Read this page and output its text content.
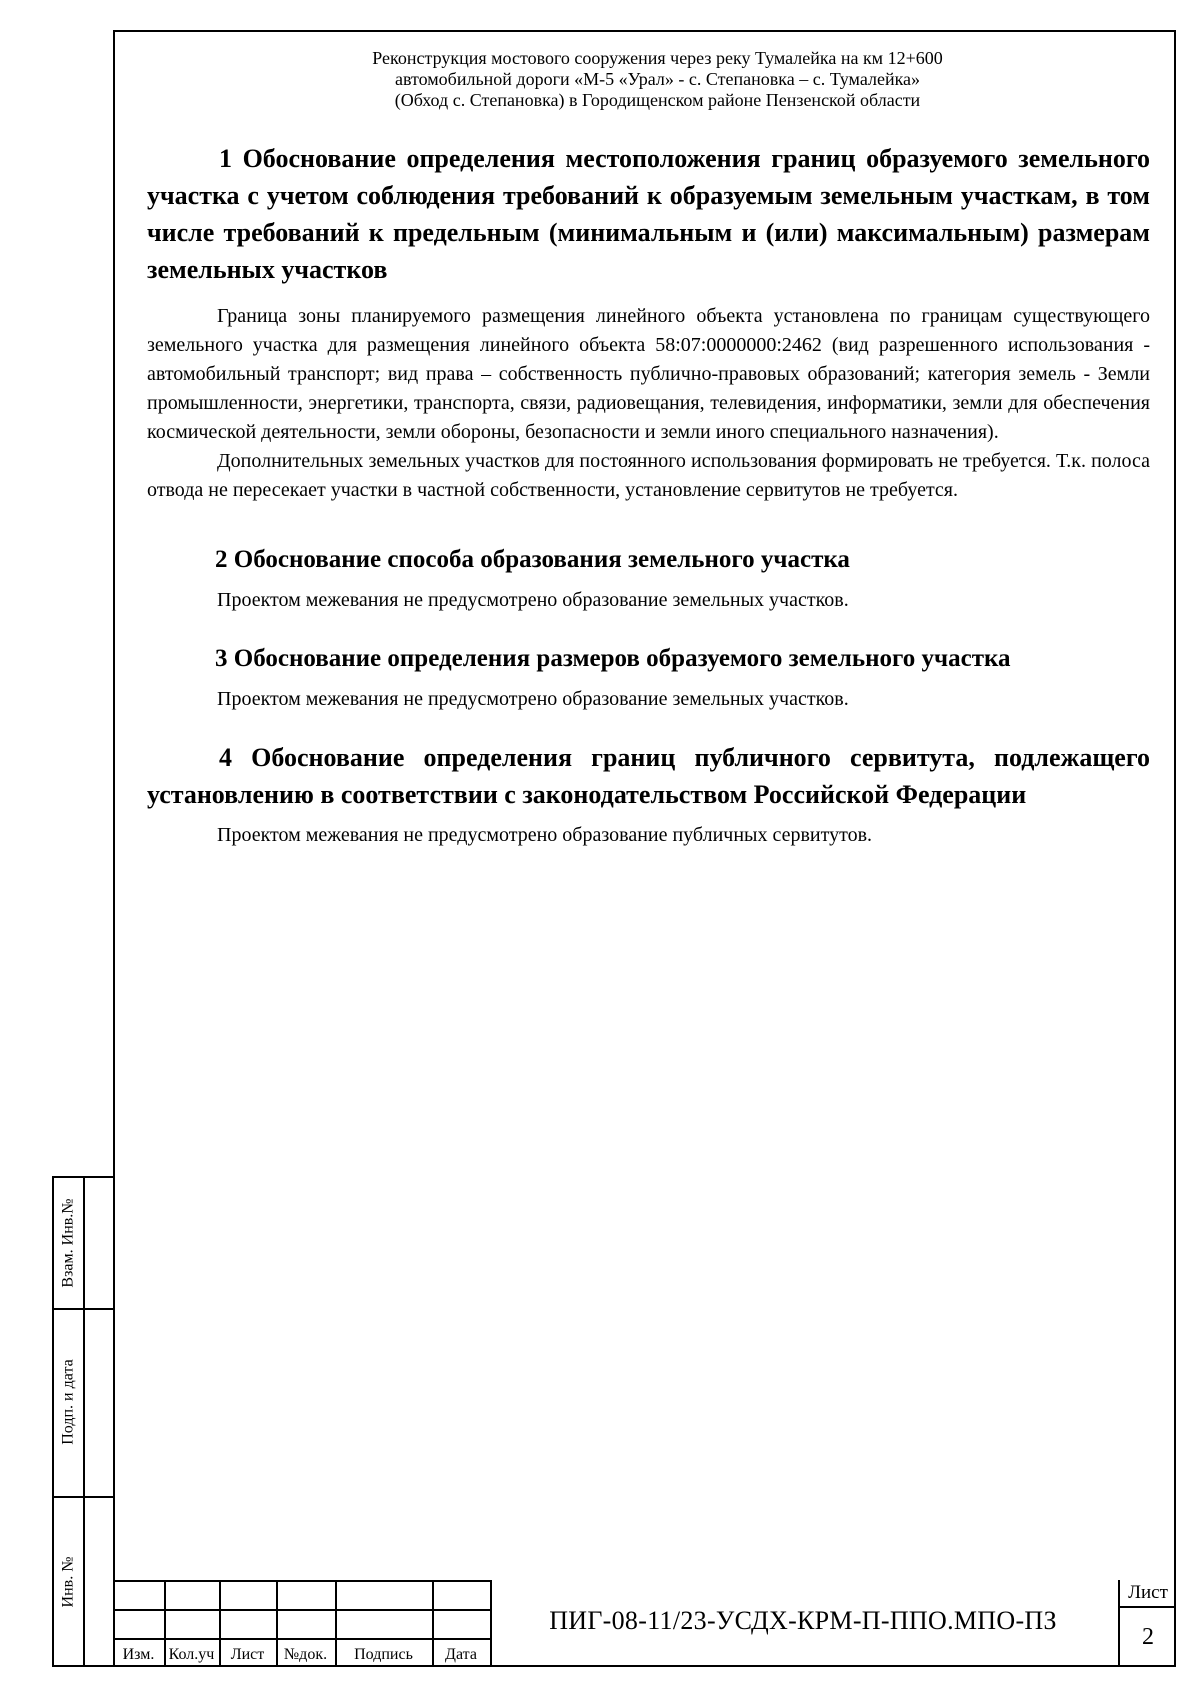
Взам. Инв.№
Подп. и дата
Инв. №
Реконструкция мостового сооружения через реку Тумалейка на км 12+600
автомобильной дороги «М-5 «Урал» - с. Степановка – с. Тумалейка»
(Обход с. Степановка) в Городищенском районе Пензенской области
1 Обоснование определения местоположения границ образуемого земельного участка с учетом соблюдения требований к образуемым земельным участкам, в том числе требований к предельным (минимальным и (или) максимальным) размерам земельных участков

Граница зоны планируемого размещения линейного объекта установлена по границам существующего земельного участка для размещения линейного объекта 58:07:0000000:2462 (вид разрешенного использования - автомобильный транспорт; вид права – собственность публично-правовых образований; категория земель - Земли промышленности, энергетики, транспорта, связи, радиовещания, телевидения, информатики, земли для обеспечения космической деятельности, земли обороны, безопасности и земли иного специального назначения).

Дополнительных земельных участков для постоянного использования формировать не требуется. Т.к. полоса отвода не пересекает участки в частной собственности, установление сервитутов не требуется.

2 Обоснование способа образования земельного участка

Проектом межевания не предусмотрено образование земельных участков.

3 Обоснование определения размеров образуемого земельного участка

Проектом межевания не предусмотрено образование земельных участков.

4 Обоснование определения границ публичного сервитута, подлежащего установлению в соответствии с законодательством Российской Федерации

Проектом межевания не предусмотрено образование публичных сервитутов.

Изм. Кол.уч	Лист	№док.	Подпись	Дата
ПИГ-08-11/23-УСДХ-КРМ-П-ППО.МПО-ПЗ
Лист
2
